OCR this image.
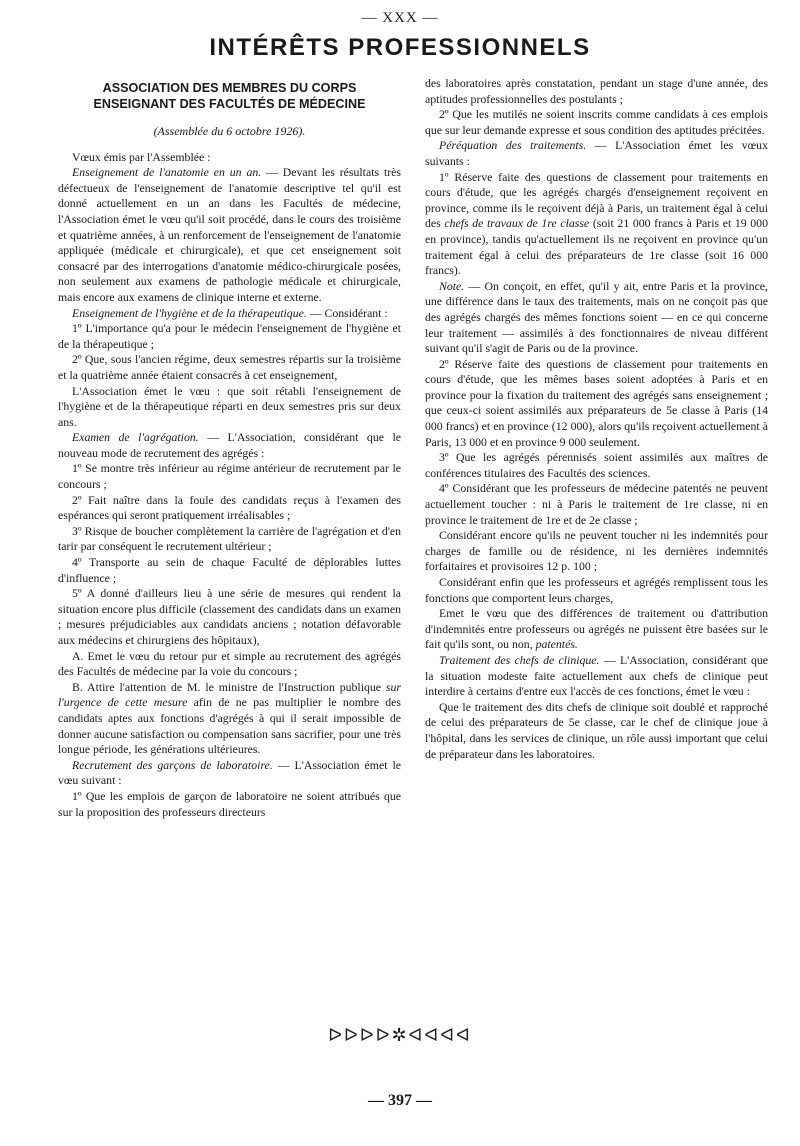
— XXX —
INTÉRÊTS PROFESSIONNELS
ASSOCIATION DES MEMBRES DU CORPS
ENSEIGNANT DES FACULTÉS DE MÉDECINE
(Assemblée du 6 octobre 1926).

Vœux émis par l'Assemblée :

Enseignement de l'anatomie en un an. — Devant les résultats très défectueux de l'enseignement de l'anatomie descriptive tel qu'il est donné actuellement en un an dans les Facultés de médecine, l'Association émet le vœu qu'il soit procédé, dans le cours des troisième et quatrième années, à un renforcement de l'enseignement de l'anatomie appliquée (médicale et chirurgicale), et que cet enseignement soit consacré par des interrogations d'anatomie médico-chirurgicale posées, non seulement aux examens de pathologie médicale et chirurgicale, mais encore aux examens de clinique interne et externe.

Enseignement de l'hygiène et de la thérapeutique. — Considérant :

1º L'importance qu'a pour le médecin l'enseignement de l'hygiène et de la thérapeutique ;

2º Que, sous l'ancien régime, deux semestres répartis sur la troisième et la quatrième année étaient consacrés à cet enseignement,

L'Association émet le vœu : que soit rétabli l'enseignement de l'hygiène et de la thérapeutique réparti en deux semestres pris sur deux ans.

Examen de l'agrégation. — L'Association, considérant que le nouveau mode de recrutement des agrégés :

1º Se montre très inférieur au régime antérieur de recrutement par le concours ;

2º Fait naître dans la foule des candidats reçus à l'examen des espérances qui seront pratiquement irréalisables ;

3º Risque de boucher complètement la carrière de l'agrégation et d'en tarir par conséquent le recrutement ultérieur ;

4º Transporte au sein de chaque Faculté de déplorables luttes d'influence ;

5º A donné d'ailleurs lieu à une série de mesures qui rendent la situation encore plus difficile (classement des candidats dans un examen ; mesures préjudiciables aux candidats anciens ; notation défavorable aux médecins et chirurgiens des hôpitaux),

A. Emet le vœu du retour pur et simple au recrutement des agrégés des Facultés de médecine par la voie du concours ;

B. Attire l'attention de M. le ministre de l'Instruction publique sur l'urgence de cette mesure afin de ne pas multiplier le nombre des candidats aptes aux fonctions d'agrégés à qui il serait impossible de donner aucune satisfaction ou compensation sans sacrifier, pour une très longue période, les générations ultérieures.

Recrutement des garçons de laboratoire. — L'Association émet le vœu suivant :

1º Que les emplois de garçon de laboratoire ne soient attribués que sur la proposition des professeurs directeurs

des laboratoires après constatation, pendant un stage d'une année, des aptitudes professionnelles des postulants ;

2º Que les mutilés ne soient inscrits comme candidats à ces emplois que sur leur demande expresse et sous condition des aptitudes précitées.

Péréquation des traitements. — L'Association émet les vœux suivants :

1º Réserve faite des questions de classement pour traitements en cours d'étude, que les agrégés chargés d'enseignement reçoivent en province, comme ils le reçoivent déjà à Paris, un traitement égal à celui des chefs de travaux de 1re classe (soit 21 000 francs à Paris et 19 000 en province), tandis qu'actuellement ils ne reçoivent en province qu'un traitement égal à celui des préparateurs de 1re classe (soit 16 000 francs).

Note. — On conçoit, en effet, qu'il y ait, entre Paris et la province, une différence dans le taux des traitements, mais on ne conçoit pas que des agrégés chargés des mêmes fonctions soient — en ce qui concerne leur traitement — assimilés à des fonctionnaires de niveau différent suivant qu'il s'agit de Paris ou de la province.

2º Réserve faite des questions de classement pour traitements en cours d'étude, que les mêmes bases soient adoptées à Paris et en province pour la fixation du traitement des agrégés sans enseignement ; que ceux-ci soient assimilés aux préparateurs de 5e classe à Paris (14 000 francs) et en province (12 000), alors qu'ils reçoivent actuellement à Paris, 13 000 et en province 9 000 seulement.

3º Que les agrégés pérennisés soient assimilés aux maîtres de conférences titulaires des Facultés des sciences.

4º Considérant que les professeurs de médecine patentés ne peuvent actuellement toucher : ni à Paris le traitement de 1re classe, ni en province le traitement de 1re et de 2e classe ;

Considérant encore qu'ils ne peuvent toucher ni les indemnités pour charges de famille ou de résidence, ni les dernières indemnités forfaitaires et provisoires 12 p. 100 ;

Considérant enfin que les professeurs et agrégés remplissent tous les fonctions que comportent leurs charges,

Emet le vœu que des différences de traitement ou d'attribution d'indemnités entre professeurs ou agrégés ne puissent être basées sur le fait qu'ils sont, ou non, patentés.

Traitement des chefs de clinique. — L'Association, considérant que la situation modeste faite actuellement aux chefs de clinique peut interdire à certains d'entre eux l'accès de ces fonctions, émet le vœu :

Que le traitement des dits chefs de clinique soit doublé et rapproché de celui des préparateurs de 5e classe, car le chef de clinique joue à l'hôpital, dans les services de clinique, un rôle aussi important que celui de préparateur dans les laboratoires.

ᐅᐅᐅᐅ✲ᐊᐊᐊᐊ
— 397 —
